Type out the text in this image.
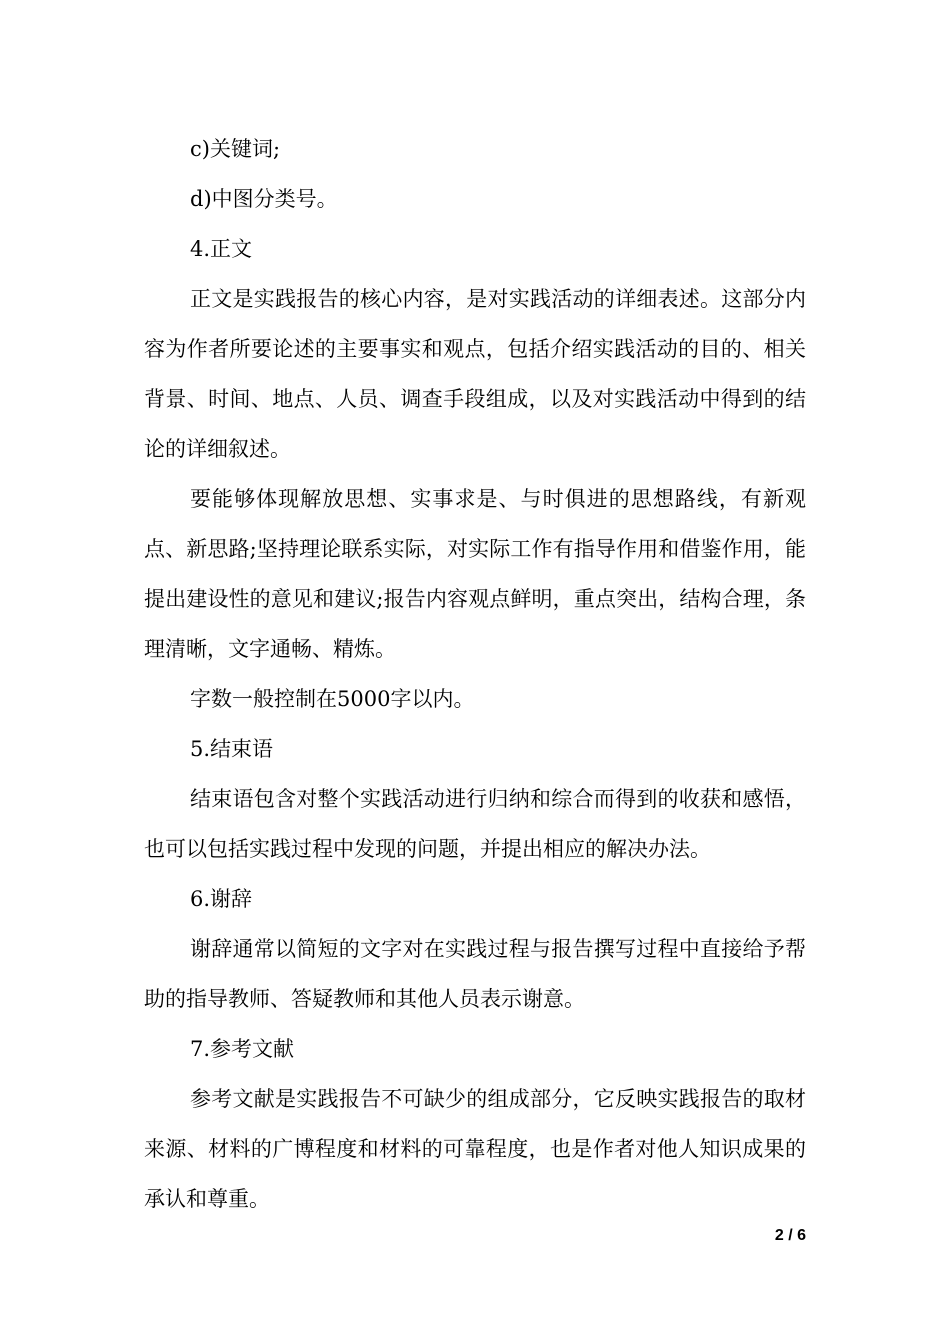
c)关键词;

d)中图分类号。

4.正文

正文是实践报告的核心内容，是对实践活动的详细表述。这部分内容为作者所要论述的主要事实和观点，包括介绍实践活动的目的、相关背景、时间、地点、人员、调查手段组成，以及对实践活动中得到的结论的详细叙述。

要能够体现解放思想、实事求是、与时俱进的思想路线，有新观点、新思路;坚持理论联系实际，对实际工作有指导作用和借鉴作用，能提出建设性的意见和建议;报告内容观点鲜明，重点突出，结构合理，条理清晰，文字通畅、精炼。

字数一般控制在5000字以内。

5.结束语

结束语包含对整个实践活动进行归纳和综合而得到的收获和感悟，也可以包括实践过程中发现的问题，并提出相应的解决办法。

6.谢辞

谢辞通常以简短的文字对在实践过程与报告撰写过程中直接给予帮助的指导教师、答疑教师和其他人员表示谢意。

7.参考文献

参考文献是实践报告不可缺少的组成部分，它反映实践报告的取材来源、材料的广博程度和材料的可靠程度，也是作者对他人知识成果的承认和尊重。

2 / 6
